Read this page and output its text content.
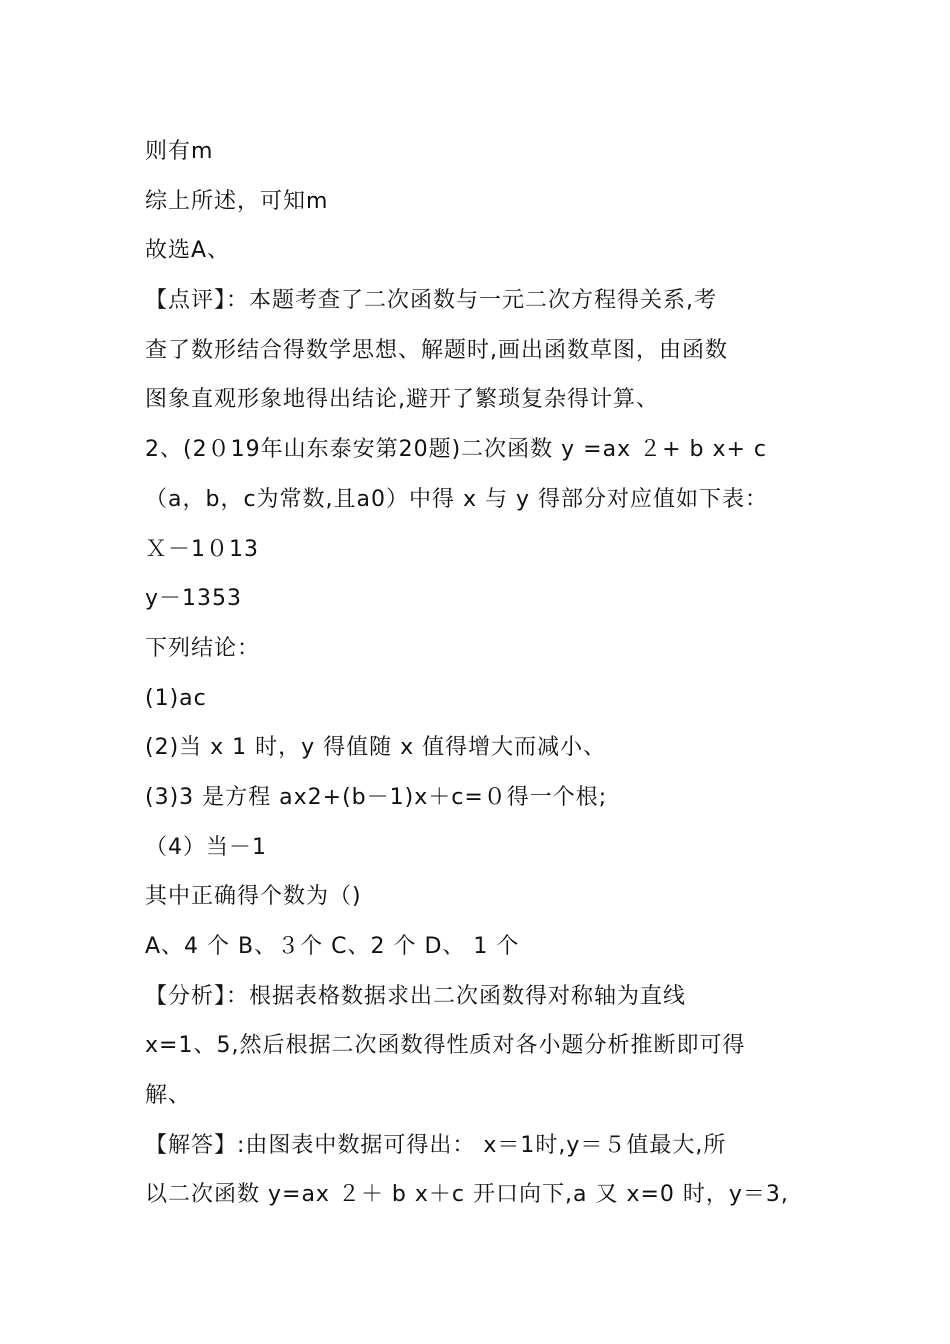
则有m
综上所述，可知m
故选A、
【点评】：本题考查了二次函数与一元二次方程得关系,考
查了数形结合得数学思想、解题时,画出函数草图，由函数
图象直观形象地得出结论,避开了繁琐复杂得计算、
2、(2０19年山东泰安第20题)二次函数 y =ax ２+ b x+ c
（a，b，c为常数,且a0）中得 x 与 y 得部分对应值如下表：
Ｘ－1０13
y－1353
下列结论：
(1)ac
(2)当 x 1 时，y 得值随 x 值得增大而减小、
(3)3 是方程 ax2+(b－1)x＋c=０得一个根;
（4）当－1
其中正确得个数为（)
A、4 个 B、３个 C、2 个 D、 1 个
【分析】：根据表格数据求出二次函数得对称轴为直线
x=1、5,然后根据二次函数得性质对各小题分析推断即可得
解、
【解答】:由图表中数据可得出： x＝1时,y＝５值最大,所
以二次函数 y=ax ２＋ b x＋c 开口向下,a 又 x=0 时，y＝3,
